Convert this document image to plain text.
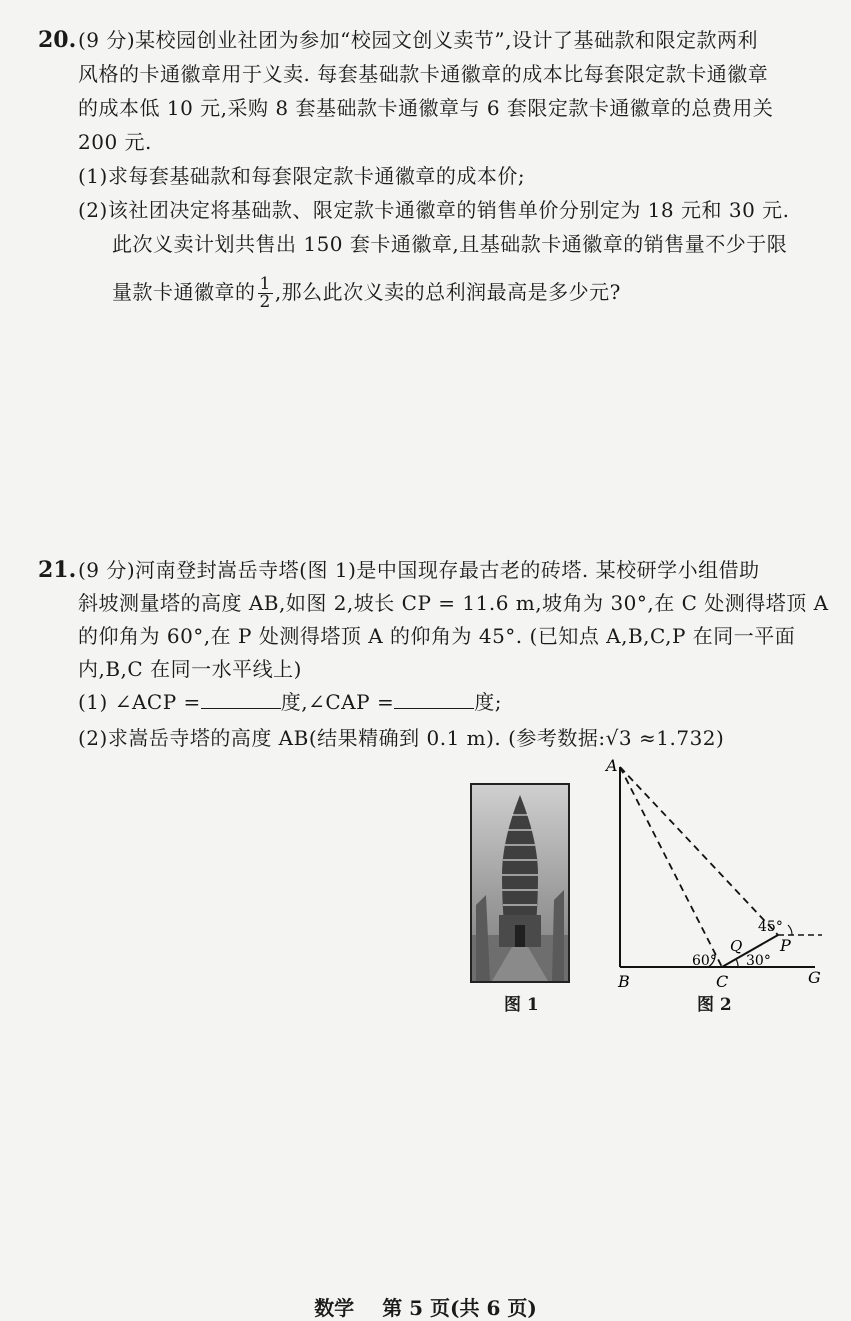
20. (9 分)某校园创业社团为参加“校园文创义卖节”,设计了基础款和限定款两利
风格的卡通徽章用于义卖. 每套基础款卡通徽章的成本比每套限定款卡通徽章
的成本低 10 元,采购 8 套基础款卡通徽章与 6 套限定款卡通徽章的总费用关
200 元.
(1)求每套基础款和每套限定款卡通徽章的成本价;
(2)该社团决定将基础款、限定款卡通徽章的销售单价分别定为 18 元和 30 元.
此次义卖计划共售出 150 套卡通徽章,且基础款卡通徽章的销售量不少于限
量款卡通徽章的 $\frac{1}{2}$ ,那么此次义卖的总利润最高是多少元?
21. (9 分)河南登封嵩岳寺塔(图 1)是中国现存最古老的砖塔. 某校研学小组借助
斜坡测量塔的高度 AB,如图 2,坡长 CP = 11.6 m,坡角为 30°,在 C 处测得塔顶 A
的仰角为 60°,在 P 处测得塔顶 A 的仰角为 45°. (已知点 A,B,C,P 在同一平面
内,B,C 在同一水平线上)
(1) ∠ACP =	度,∠CAP =	度;
(2)求嵩岳寺塔的高度 AB(结果精确到 0.1 m). (参考数据:√3 ≈1.732)
图 1
A
B	C
P
G
Q
60° 30°
45°
图 2
数学 第 5 页(共 6 页)
